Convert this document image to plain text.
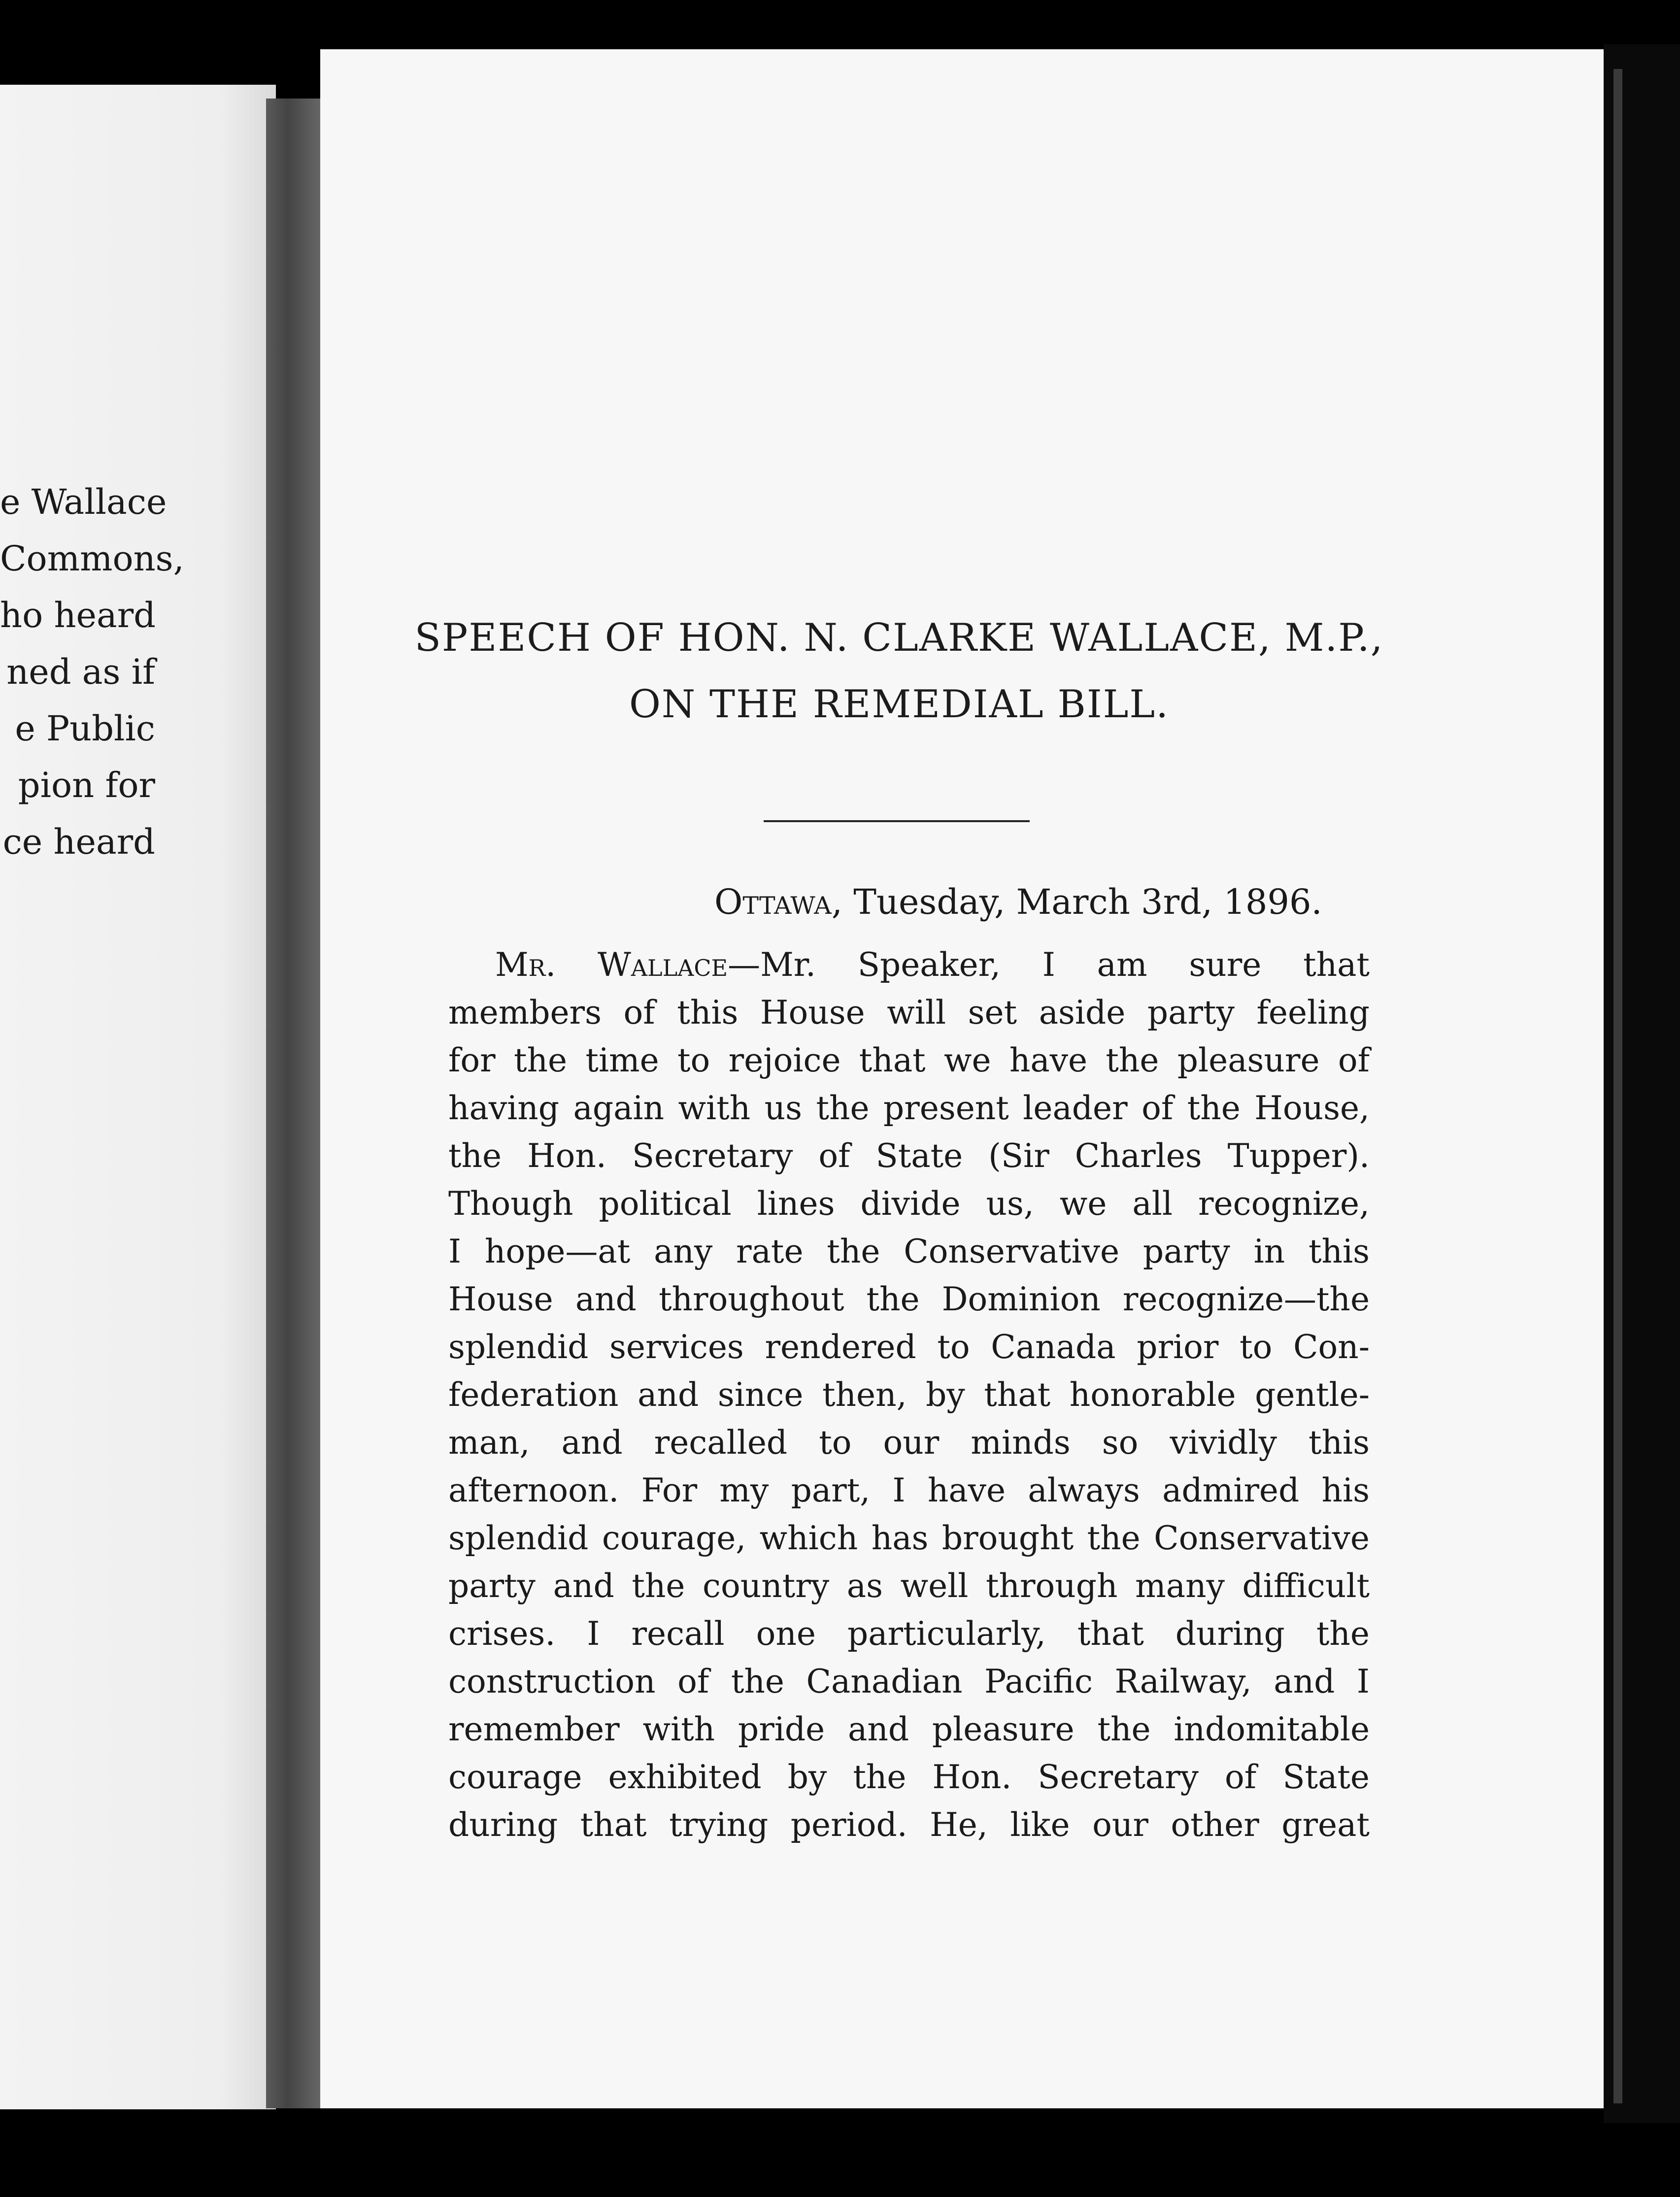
e Wallace
Commons,
ho heard
ned as if
e Public
pion for
ce heard
SPEECH OF HON. N. CLARKE WALLACE, M.P.,
ON THE REMEDIAL BILL.

Ottawa, Tuesday, March 3rd, 1896.

Mr. Wallace—Mr. Speaker, I am sure that
members of this House will set aside party feeling
for the time to rejoice that we have the pleasure of
having again with us the present leader of the House,
the Hon. Secretary of State (Sir Charles Tupper).
Though political lines divide us, we all recognize,
I hope—at any rate the Conservative party in this
House and throughout the Dominion recognize—the
splendid services rendered to Canada prior to Con-
federation and since then, by that honorable gentle-
man, and recalled to our minds so vividly this
afternoon. For my part, I have always admired his
splendid courage, which has brought the Conservative
party and the country as well through many difficult
crises. I recall one particularly, that during the
construction of the Canadian Pacific Railway, and I
remember with pride and pleasure the indomitable
courage exhibited by the Hon. Secretary of State
during that trying period. He, like our other great
